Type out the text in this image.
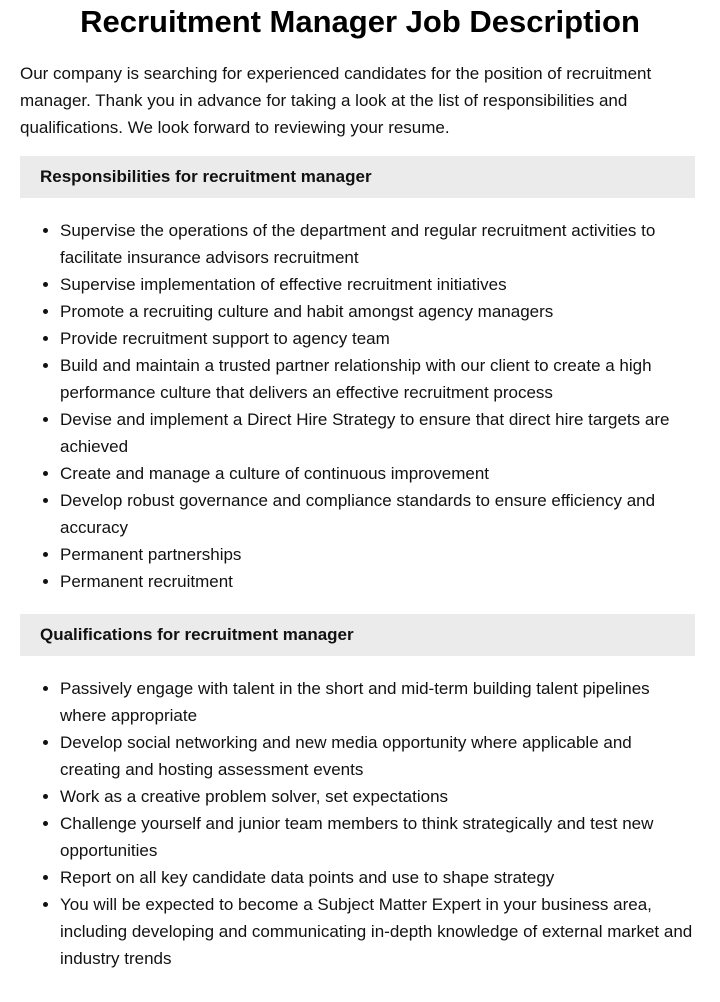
Recruitment Manager Job Description

Our company is searching for experienced candidates for the position of recruitment manager. Thank you in advance for taking a look at the list of responsibilities and qualifications. We look forward to reviewing your resume.

Responsibilities for recruitment manager
• Supervise the operations of the department and regular recruitment activities to facilitate insurance advisors recruitment
• Supervise implementation of effective recruitment initiatives
• Promote a recruiting culture and habit amongst agency managers
• Provide recruitment support to agency team
• Build and maintain a trusted partner relationship with our client to create a high performance culture that delivers an effective recruitment process
• Devise and implement a Direct Hire Strategy to ensure that direct hire targets are achieved
• Create and manage a culture of continuous improvement
• Develop robust governance and compliance standards to ensure efficiency and accuracy
• Permanent partnerships
• Permanent recruitment
Qualifications for recruitment manager
• Passively engage with talent in the short and mid-term building talent pipelines where appropriate
• Develop social networking and new media opportunity where applicable and creating and hosting assessment events
• Work as a creative problem solver, set expectations
• Challenge yourself and junior team members to think strategically and test new opportunities
• Report on all key candidate data points and use to shape strategy
• You will be expected to become a Subject Matter Expert in your business area, including developing and communicating in-depth knowledge of external market and industry trends
